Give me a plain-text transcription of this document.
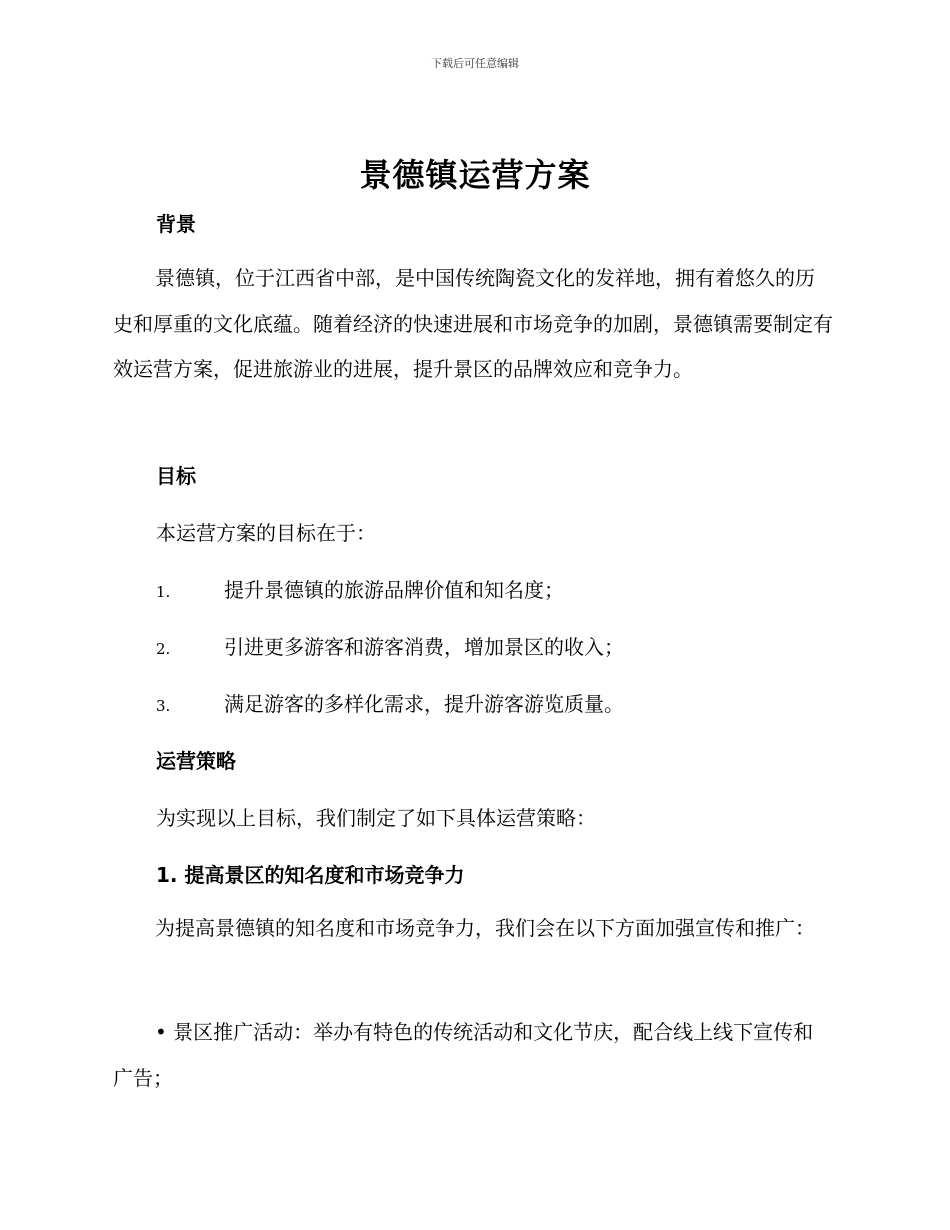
下载后可任意编辑
景德镇运营方案
背景
景德镇，位于江西省中部，是中国传统陶瓷文化的发祥地，拥有着悠久的历史和厚重的文化底蕴。随着经济的快速进展和市场竞争的加剧，景德镇需要制定有效运营方案，促进旅游业的进展，提升景区的品牌效应和竞争力。
目标
本运营方案的目标在于：
1.	提升景德镇的旅游品牌价值和知名度；
2.	引进更多游客和游客消费，增加景区的收入；
3.	满足游客的多样化需求，提升游客游览质量。
运营策略
为实现以上目标，我们制定了如下具体运营策略：
1. 提高景区的知名度和市场竞争力
为提高景德镇的知名度和市场竞争力，我们会在以下方面加强宣传和推广：
• 景区推广活动：举办有特色的传统活动和文化节庆，配合线上线下宣传和广告；
